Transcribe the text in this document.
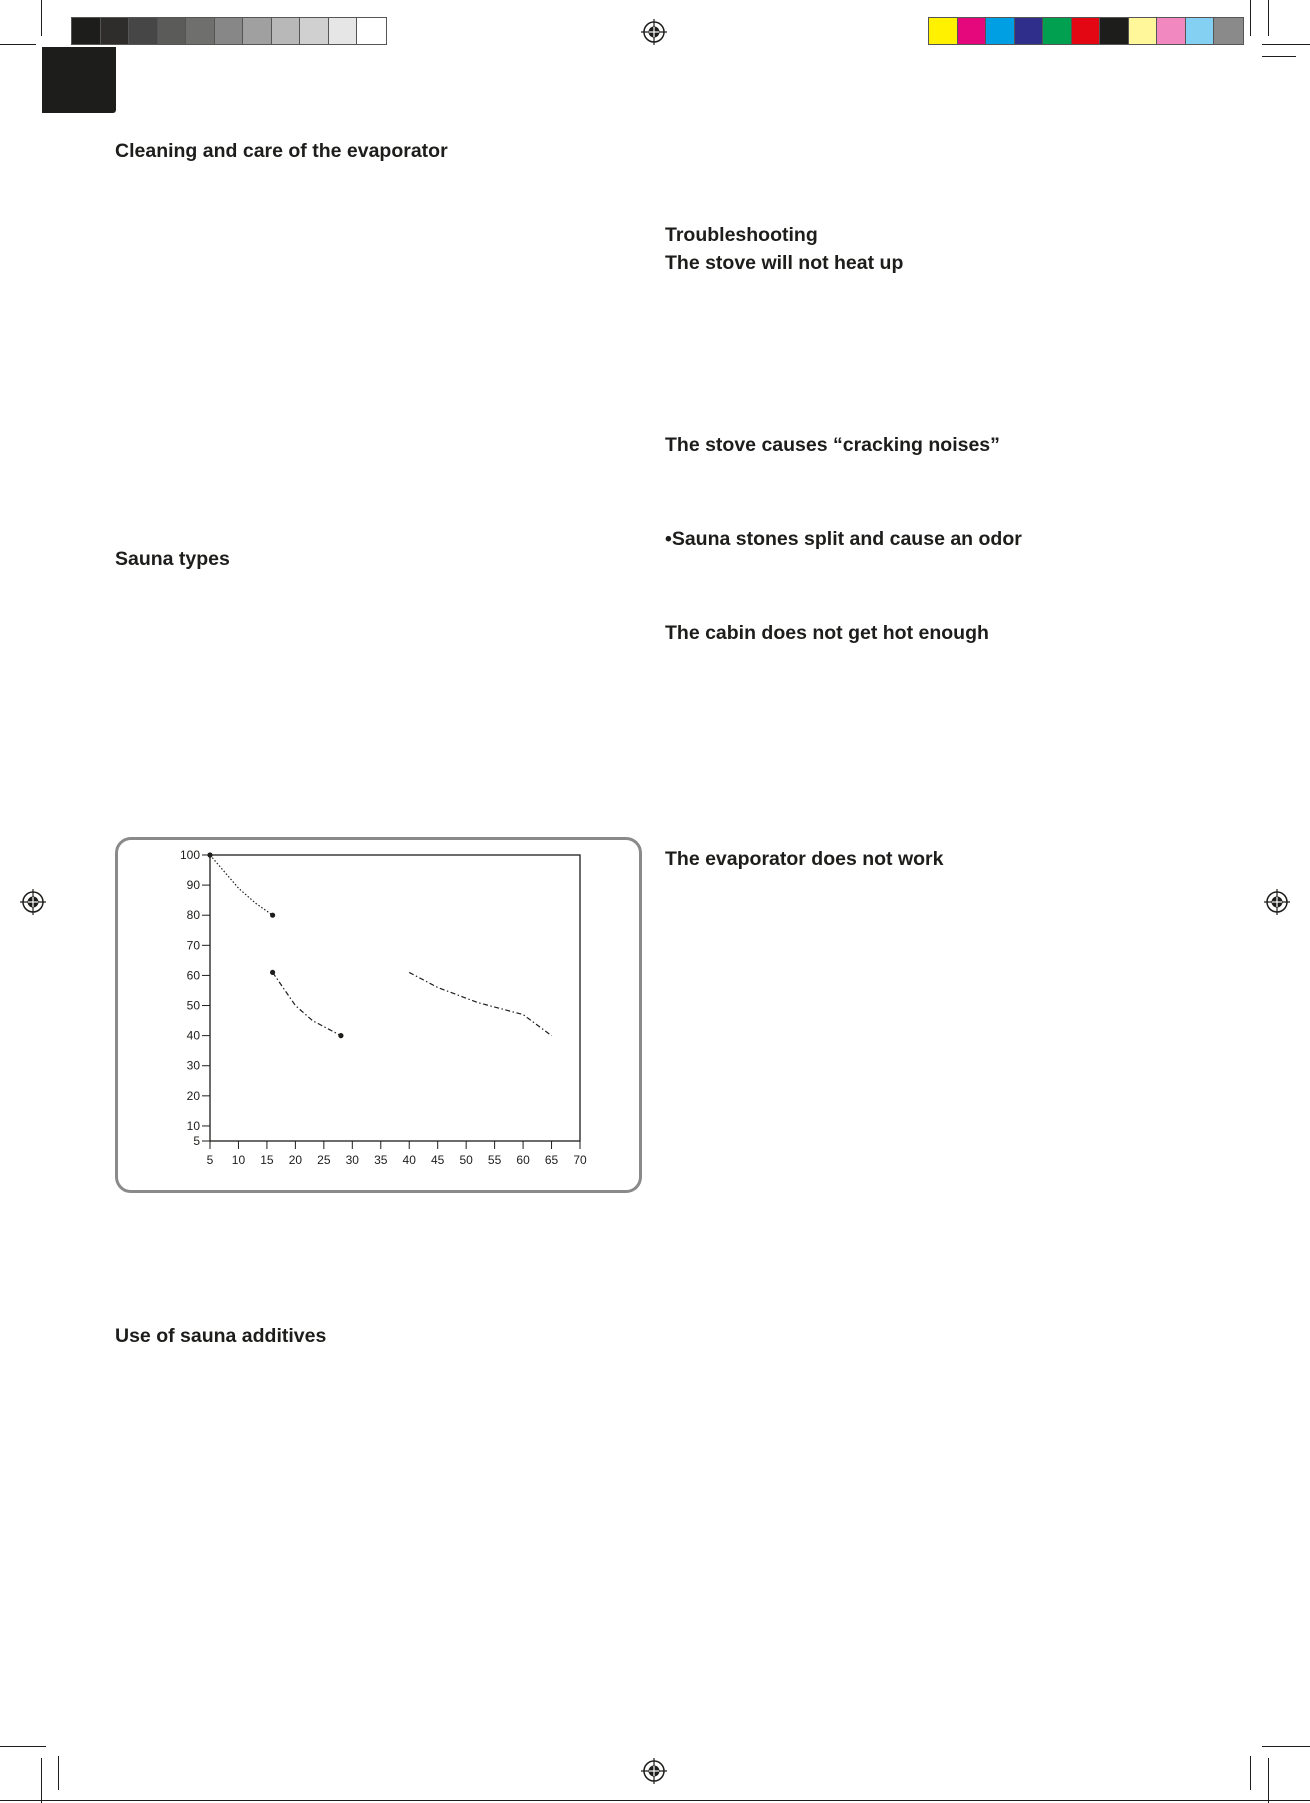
Cleaning and care of the evaporator
Sauna types
Use of sauna additives
Troubleshooting
The stove will not heat up
The stove causes “cracking noises”
•Sauna stones split and cause an odor
The cabin does not get hot enough
The evaporator does not work
5 10 15 20 25 30 35 40 45 50 55 60 65 70
5
10
20
30
40
50
60
70
80
90
100
